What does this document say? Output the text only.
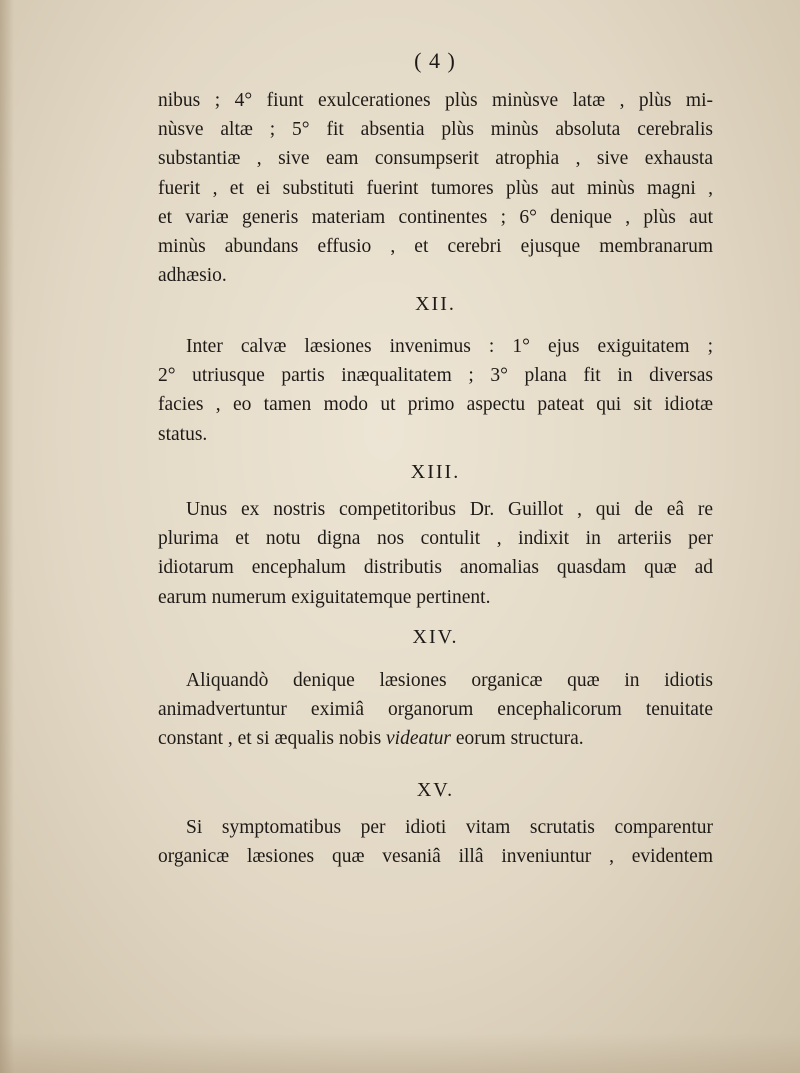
( 4 )
nibus ; 4° fiunt exulcerationes plùs minùsve latæ , plùs mi-
nùsve altæ ; 5° fit absentia plùs minùs absoluta cerebralis
substantiæ , sive eam consumpserit atrophia , sive exhausta
fuerit , et ei substituti fuerint tumores plùs aut minùs magni ,
et variæ generis materiam continentes ; 6° denique , plùs aut
minùs abundans effusio , et cerebri ejusque membranarum
adhæsio.
XII.
Inter calvæ læsiones invenimus : 1° ejus exiguitatem ;
2° utriusque partis inæqualitatem ; 3° plana fit in diversas
facies , eo tamen modo ut primo aspectu pateat qui sit idiotæ
status.
XIII.
Unus ex nostris competitoribus Dr. Guillot , qui de eâ re
plurima et notu digna nos contulit , indixit in arteriis per
idiotarum encephalum distributis anomalias quasdam quæ ad
earum numerum exiguitatemque pertinent.
XIV.
Aliquandò denique læsiones organicæ quæ in idiotis
animadvertuntur eximiâ organorum encephalicorum tenuitate
constant , et si æqualis nobis videatur eorum structura.
XV.
Si symptomatibus per idioti vitam scrutatis comparentur
organicæ læsiones quæ vesaniâ illâ inveniuntur , evidentem
